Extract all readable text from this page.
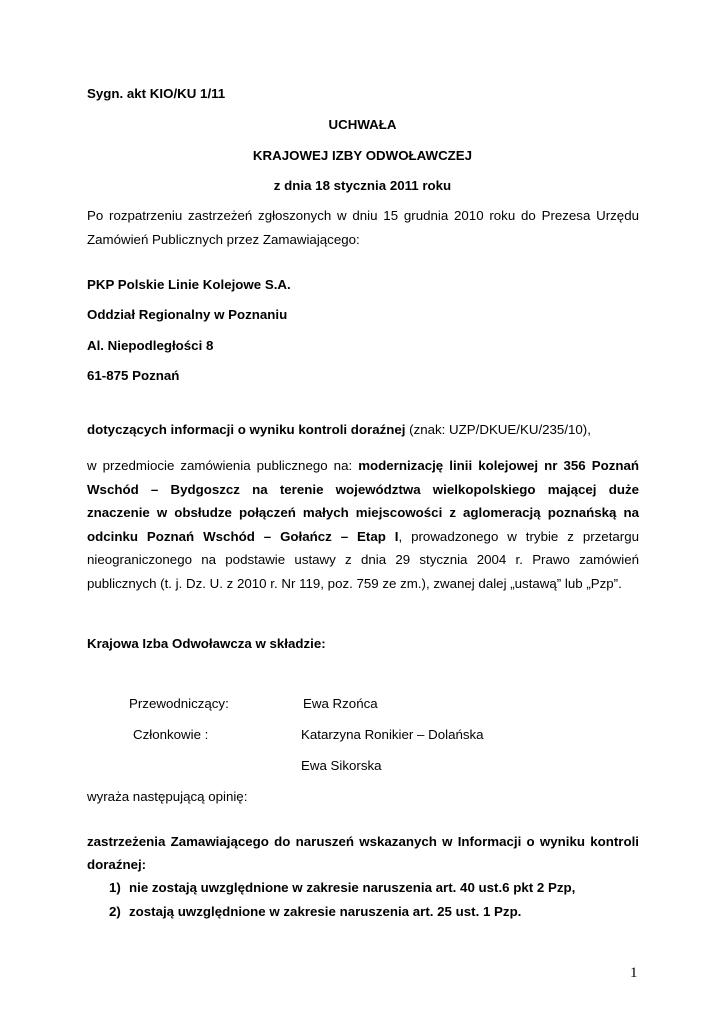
Sygn. akt KIO/KU 1/11
UCHWAŁA
KRAJOWEJ IZBY ODWOŁAWCZEJ
z dnia 18 stycznia 2011 roku
Po rozpatrzeniu zastrzeżeń zgłoszonych w dniu 15 grudnia 2010 roku do Prezesa Urzędu
Zamówień Publicznych przez Zamawiającego:
PKP Polskie Linie Kolejowe S.A.
Oddział Regionalny w Poznaniu
Al. Niepodległości 8
61-875 Poznań
dotyczących informacji o wyniku kontroli doraźnej (znak: UZP/DKUE/KU/235/10),
w przedmiocie zamówienia publicznego na: modernizację linii kolejowej nr 356 Poznań
Wschód – Bydgoszcz na terenie województwa wielkopolskiego mającej duże
znaczenie w obsłudze połączeń małych miejscowości z aglomeracją poznańską na
odcinku Poznań Wschód – Gołańcz – Etap I, prowadzonego w trybie z przetargu
nieograniczonego na podstawie ustawy z dnia 29 stycznia 2004 r. Prawo zamówień
publicznych (t. j. Dz. U. z 2010 r. Nr 119, poz. 759 ze zm.), zwanej dalej „ustawą” lub „Pzp”.
Krajowa Izba Odwoławcza w składzie:
Przewodniczący:	Ewa Rzońca
Członkowie :	Katarzyna Ronikier – Dolańska
Ewa Sikorska
wyraża następującą opinię:
zastrzeżenia Zamawiającego do naruszeń wskazanych w Informacji o wyniku kontroli
doraźnej:
1) nie zostają uwzględnione w zakresie naruszenia art. 40 ust.6 pkt 2 Pzp,
2) zostają uwzględnione w zakresie naruszenia art. 25 ust. 1 Pzp.
1
